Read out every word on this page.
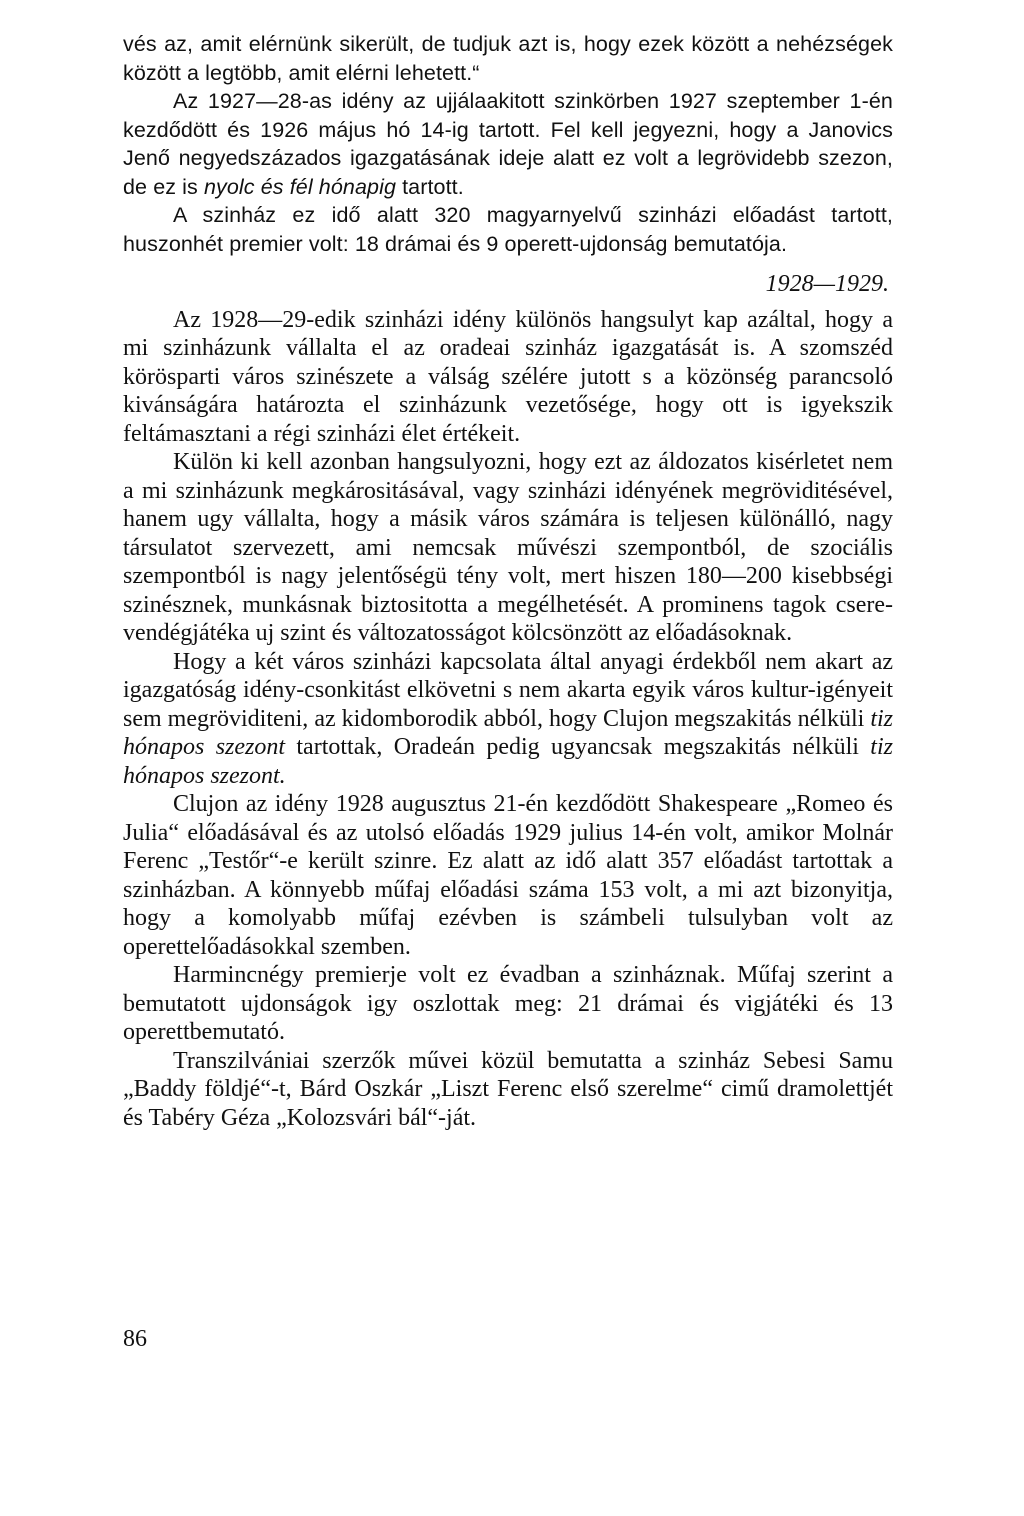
vés az, amit elérnünk sikerült, de tudjuk azt is, hogy ezek között a nehézségek között a legtöbb, amit elérni lehetett.“

Az 1927—28-as idény az ujjálaakitott szinkörben 1927 szeptember 1-én kezdődött és 1926 május hó 14-ig tartott. Fel kell jegyezni, hogy a Janovics Jenő negyedszázados igazgatásának ideje alatt ez volt a legrövidebb szezon, de ez is nyolc és fél hónapig tartott.

A szinház ez idő alatt 320 magyarnyelvű szinházi előadást tartott, huszonhét premier volt: 18 drámai és 9 operett-ujdonság bemutatója.

1928—1929.

Az 1928—29-edik szinházi idény különös hangsulyt kap azáltal, hogy a mi szinházunk vállalta el az oradeai szinház igazgatását is. A szomszéd körösparti város szinészete a válság szélére jutott s a közönség parancsoló kivánságára határozta el szinházunk vezetősége, hogy ott is igyekszik feltámasztani a régi szinházi élet értékeit.

Külön ki kell azonban hangsulyozni, hogy ezt az áldozatos kisérletet nem a mi szinházunk megkárositásával, vagy szinházi idényének megröviditésével, hanem ugy vállalta, hogy a másik város számára is teljesen különálló, nagy társulatot szervezett, ami nemcsak művészi szempontból, de szociális szempontból is nagy jelentőségü tény volt, mert hiszen 180—200 kisebbségi szinésznek, munkásnak biztositotta a megélhetését. A prominens tagok csere-vendégjátéka uj szint és változatosságot kölcsönzött az előadásoknak.

Hogy a két város szinházi kapcsolata által anyagi érdekből nem akart az igazgatóság idény-csonkitást elkövetni s nem akarta egyik város kultur-igényeit sem megröviditeni, az kidomborodik abból, hogy Clujon megszakitás nélküli tiz hónapos szezont tartottak, Oradeán pedig ugyancsak megszakitás nélküli tiz hónapos szezont.

Clujon az idény 1928 augusztus 21-én kezdődött Shakespeare „Romeo és Julia“ előadásával és az utolsó előadás 1929 julius 14-én volt, amikor Molnár Ferenc „Testőr“-e került szinre. Ez alatt az idő alatt 357 előadást tartottak a szinházban. A könnyebb műfaj előadási száma 153 volt, a mi azt bizonyitja, hogy a komolyabb műfaj ezévben is számbeli tulsulyban volt az operettelőadásokkal szemben.

Harmincnégy premierje volt ez évadban a szinháznak. Műfaj szerint a bemutatott ujdonságok igy oszlottak meg: 21 drámai és vigjátéki és 13 operettbemutató.

Transzilvániai szerzők művei közül bemutatta a szinház Sebesi Samu „Baddy földjé“-t, Bárd Oszkár „Liszt Ferenc első szerelme“ cimű dramolettjét és Tabéry Géza „Kolozsvári bál“-ját.

86
